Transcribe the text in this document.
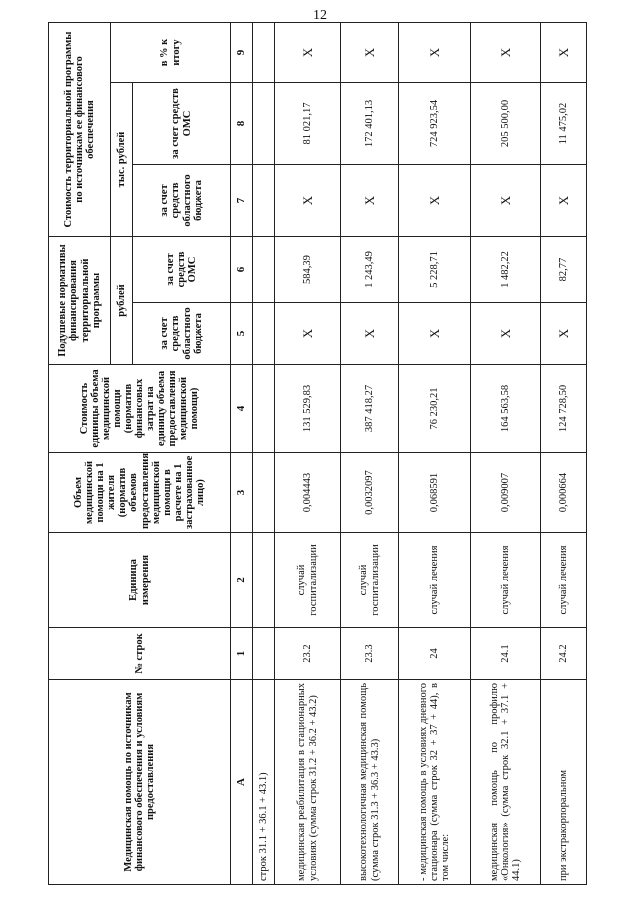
12
Медицинская помощь по источникам финансового обеспечения и условиям предоставления	№ строк	Единица измерения	Объем медицинской помощи на 1 жителя (норматив объемов предоставления медицинской помощи в расчете на 1 застрахованное лицо)	Стоимость единицы объема медицинской помощи (норматив финансовых затрат на единицу объема предоставления медицинской помощи)	Подушевые нормативы финансирования территориальной программы		Стоимость территориальной программы по источникам ее финансового обеспечения		
					рублей		тыс. рублей		в % к итогу
					за счет средств областного бюджета	за счет средств ОМС	за счет средств областного бюджета	за счет средств ОМС	
А	1	2	3	4	5	6	7	8	9
строк 31.1 + 36.1 + 43.1)									
медицинская реабилитация в стационарных условиях (сумма строк 31.2 + 36.2 + 43.2)	23.2	случай госпитализации	0,004443	131 529,83	Х	584,39	Х	81 021,17	Х
высокотехнологичная медицинская помощь (сумма строк 31.3 + 36.3 + 43.3)	23.3	случай госпитализации	0,0032097	387 418,27	Х	1 243,49	Х	172 401,13	Х
- медицинская помощь в условиях дневного стационара (сумма строк 32 + 37 + 44), в том числе:	24	случай лечения	0,068591	76 230,21	Х	5 228,71	Х	724 923,54	Х
медицинская помощь по профилю «Онкология» (сумма строк 32.1 + 37.1 + 44.1)	24.1	случай лечения	0,009007	164 563,58	Х	1 482,22	Х	205 500,00	Х
при экстракорпоральном	24.2	случай лечения	0,000664	124 728,50	Х	82,77	Х	11 475,02	Х
